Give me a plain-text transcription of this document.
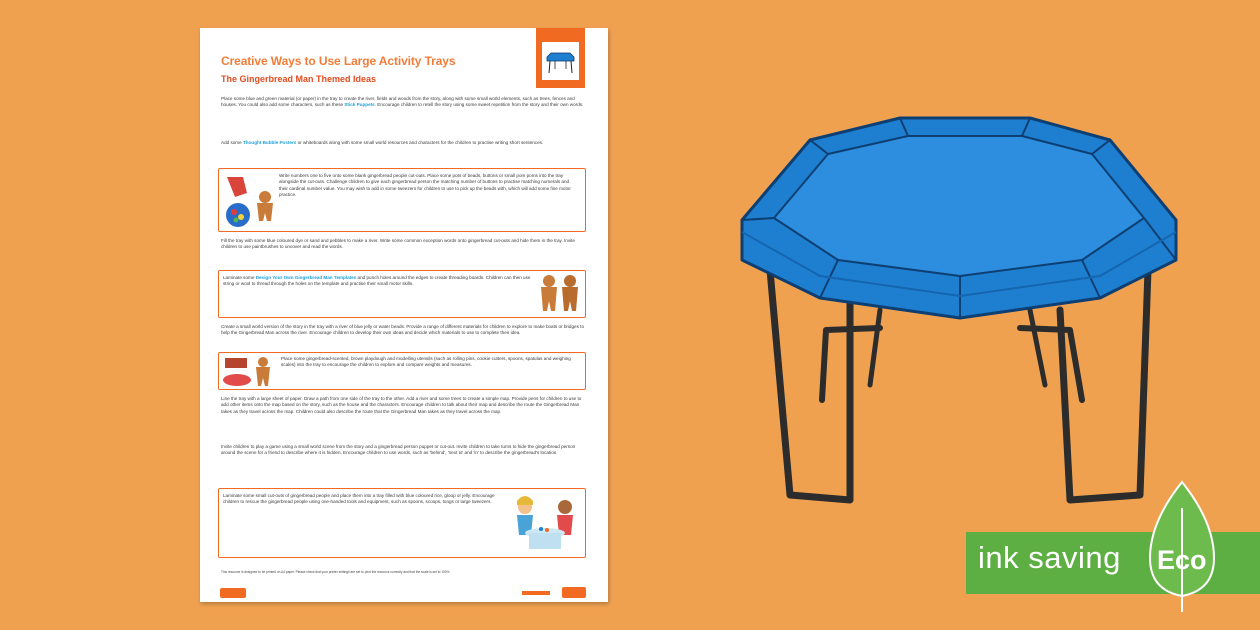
Creative Ways to Use Large Activity Trays
The Gingerbread Man Themed Ideas

Place some blue and green material (or paper) in the tray to create the river, fields and woods from the story, along with some small world elements, such as trees, fences and houses. You could also add some characters, such as these Stick Puppets. Encourage children to retell the story using some sweet repetition from the story and their own words.

Add some Thought Bubble Posters or whiteboards along with some small world resources and characters for the children to practise writing short sentences.

Write numbers one to five onto some blank gingerbread people cut-outs. Place some pots of beads, buttons or small pom poms into the tray alongside the cut-outs. Challenge children to give each gingerbread person the matching number of buttons to practise matching numerals and their cardinal number value. You may wish to add in some tweezers for children to use to pick up the beads with, which will add some fine motor practice.

Fill the tray with some blue coloured dye or sand and pebbles to make a river. Write some common exception words onto gingerbread cut-outs and hide them in the tray. Invite children to use paintbrushes to uncover and read the words.

Laminate some Design Your Own Gingerbread Man Templates and punch holes around the edges to create threading boards. Children can then use string or wool to thread through the holes on the template and practise their small motor skills.

Create a small world version of the story in the tray with a river of blue jelly or water beads. Provide a range of different materials for children to explore to make boats or bridges to help the Gingerbread Man across the river. Encourage children to develop their own ideas and decide which materials to use to complete their idea.

Place some gingerbread-scented, brown playdough and modelling utensils (such as rolling pins, cookie cutters, spoons, spatulas and weighing scales) into the tray to encourage the children to explore and compare weights and measures.

Line the tray with a large sheet of paper. Draw a path from one side of the tray to the other. Add a river and some trees to create a simple map. Provide pens for children to use to add other items onto the map based on the story, such as the house and the characters. Encourage children to talk about their map and describe the route the Gingerbread Man takes as they travel across the map. Children could also describe the route that the Gingerbread Man takes as they travel across the map.

Invite children to play a game using a small world scene from the story and a gingerbread person puppet or cut-out. Invite children to take turns to hide the gingerbread person around the scene for a friend to describe where it is hidden. Encourage children to use words, such as 'behind', 'next to' and 'in' to describe the gingerbread's location.

Laminate some small cut-outs of gingerbread people and place them into a tray filled with blue coloured rice, gloop or jelly. Encourage children to rescue the gingerbread people using one-handed tools and equipment, such as spoons, scoops, tongs or large tweezers.

This resource is designed to be printed on A4 paper. Please check that your printer settings are set to print the resource correctly and that the scale is set to 100%.	ink saving Eco
